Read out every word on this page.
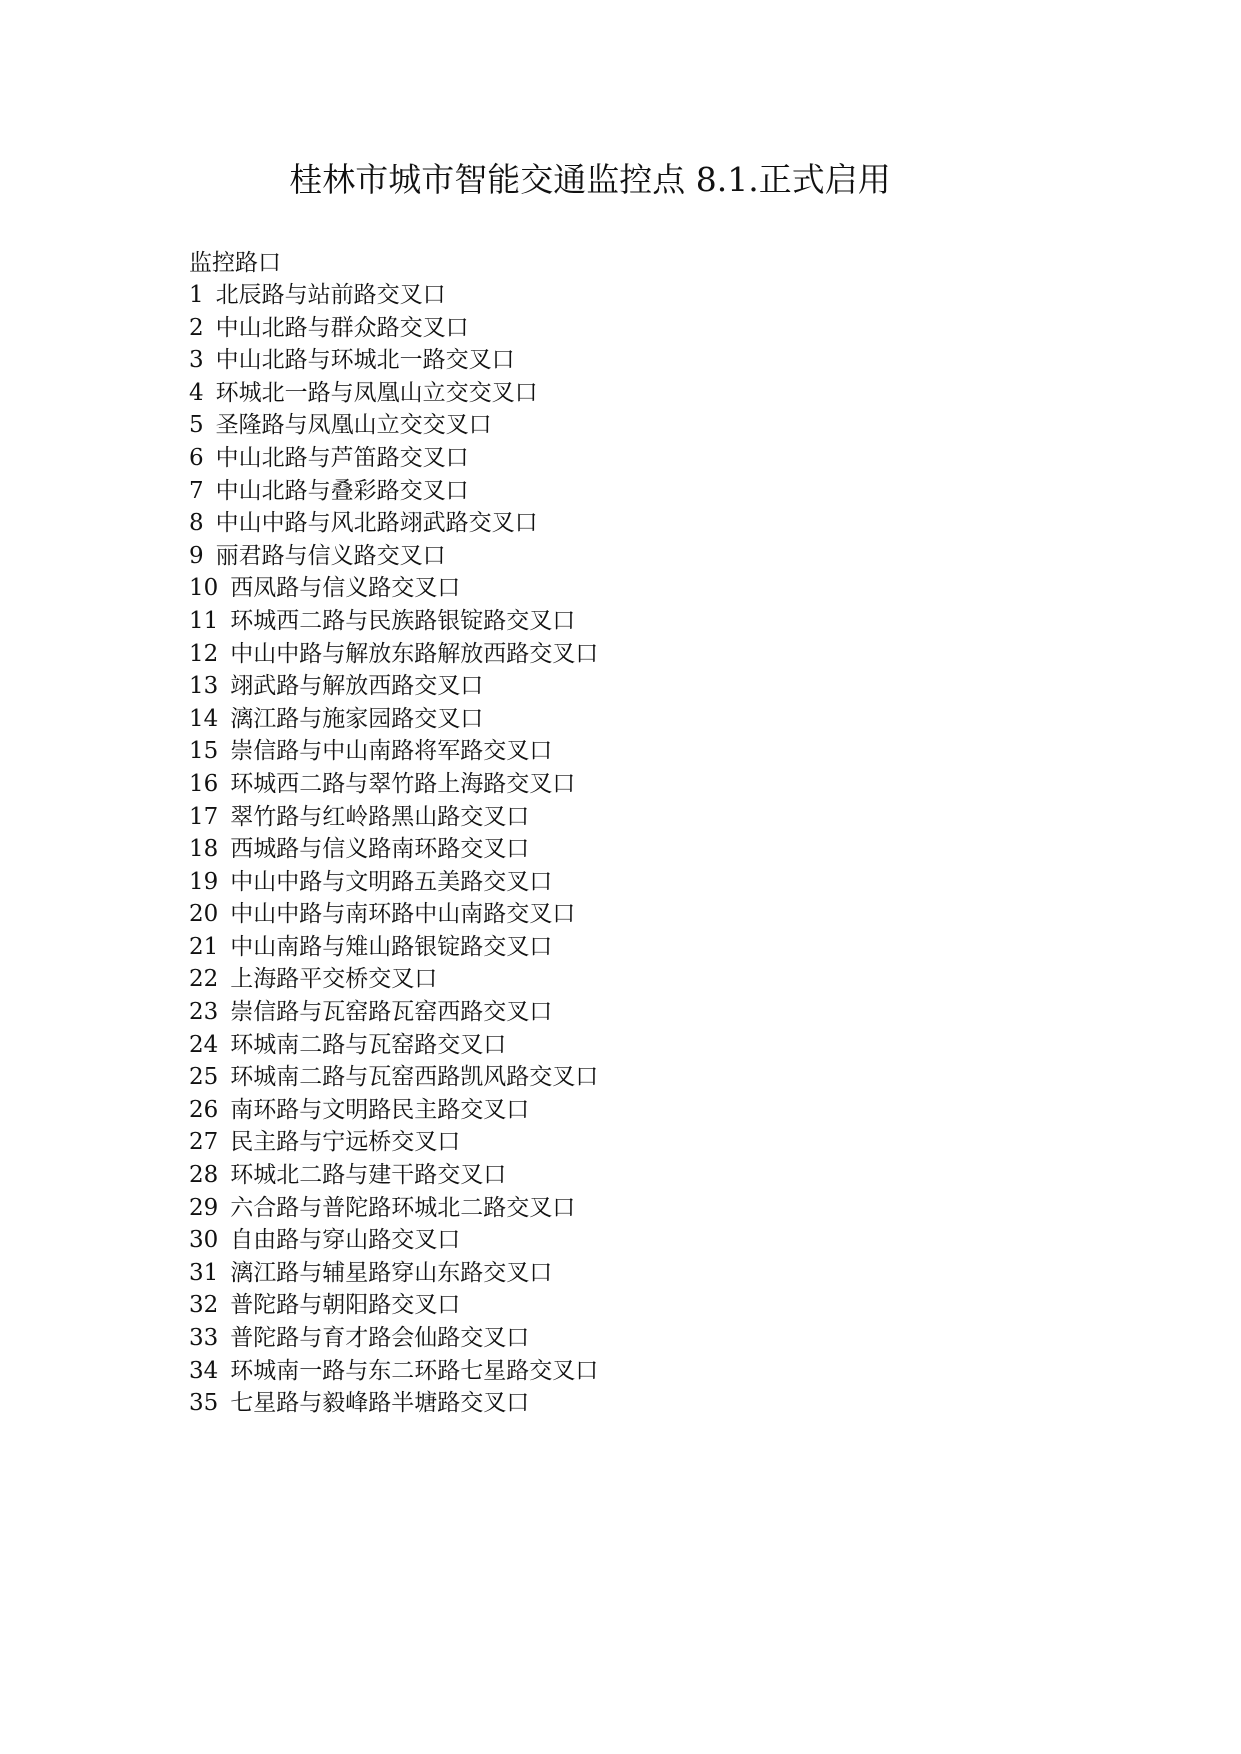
桂林市城市智能交通监控点 8.1.正式启用
监控路口
1 北辰路与站前路交叉口
2 中山北路与群众路交叉口
3 中山北路与环城北一路交叉口
4 环城北一路与凤凰山立交交叉口
5 圣隆路与凤凰山立交交叉口
6 中山北路与芦笛路交叉口
7 中山北路与叠彩路交叉口
8 中山中路与风北路翊武路交叉口
9 丽君路与信义路交叉口
10 西凤路与信义路交叉口
11 环城西二路与民族路银锭路交叉口
12 中山中路与解放东路解放西路交叉口
13 翊武路与解放西路交叉口
14 漓江路与施家园路交叉口
15 崇信路与中山南路将军路交叉口
16 环城西二路与翠竹路上海路交叉口
17 翠竹路与红岭路黑山路交叉口
18 西城路与信义路南环路交叉口
19 中山中路与文明路五美路交叉口
20 中山中路与南环路中山南路交叉口
21 中山南路与雉山路银锭路交叉口
22 上海路平交桥交叉口
23 崇信路与瓦窑路瓦窑西路交叉口
24 环城南二路与瓦窑路交叉口
25 环城南二路与瓦窑西路凯风路交叉口
26 南环路与文明路民主路交叉口
27 民主路与宁远桥交叉口
28 环城北二路与建干路交叉口
29 六合路与普陀路环城北二路交叉口
30 自由路与穿山路交叉口
31 漓江路与辅星路穿山东路交叉口
32 普陀路与朝阳路交叉口
33 普陀路与育才路会仙路交叉口
34 环城南一路与东二环路七星路交叉口
35 七星路与毅峰路半塘路交叉口
